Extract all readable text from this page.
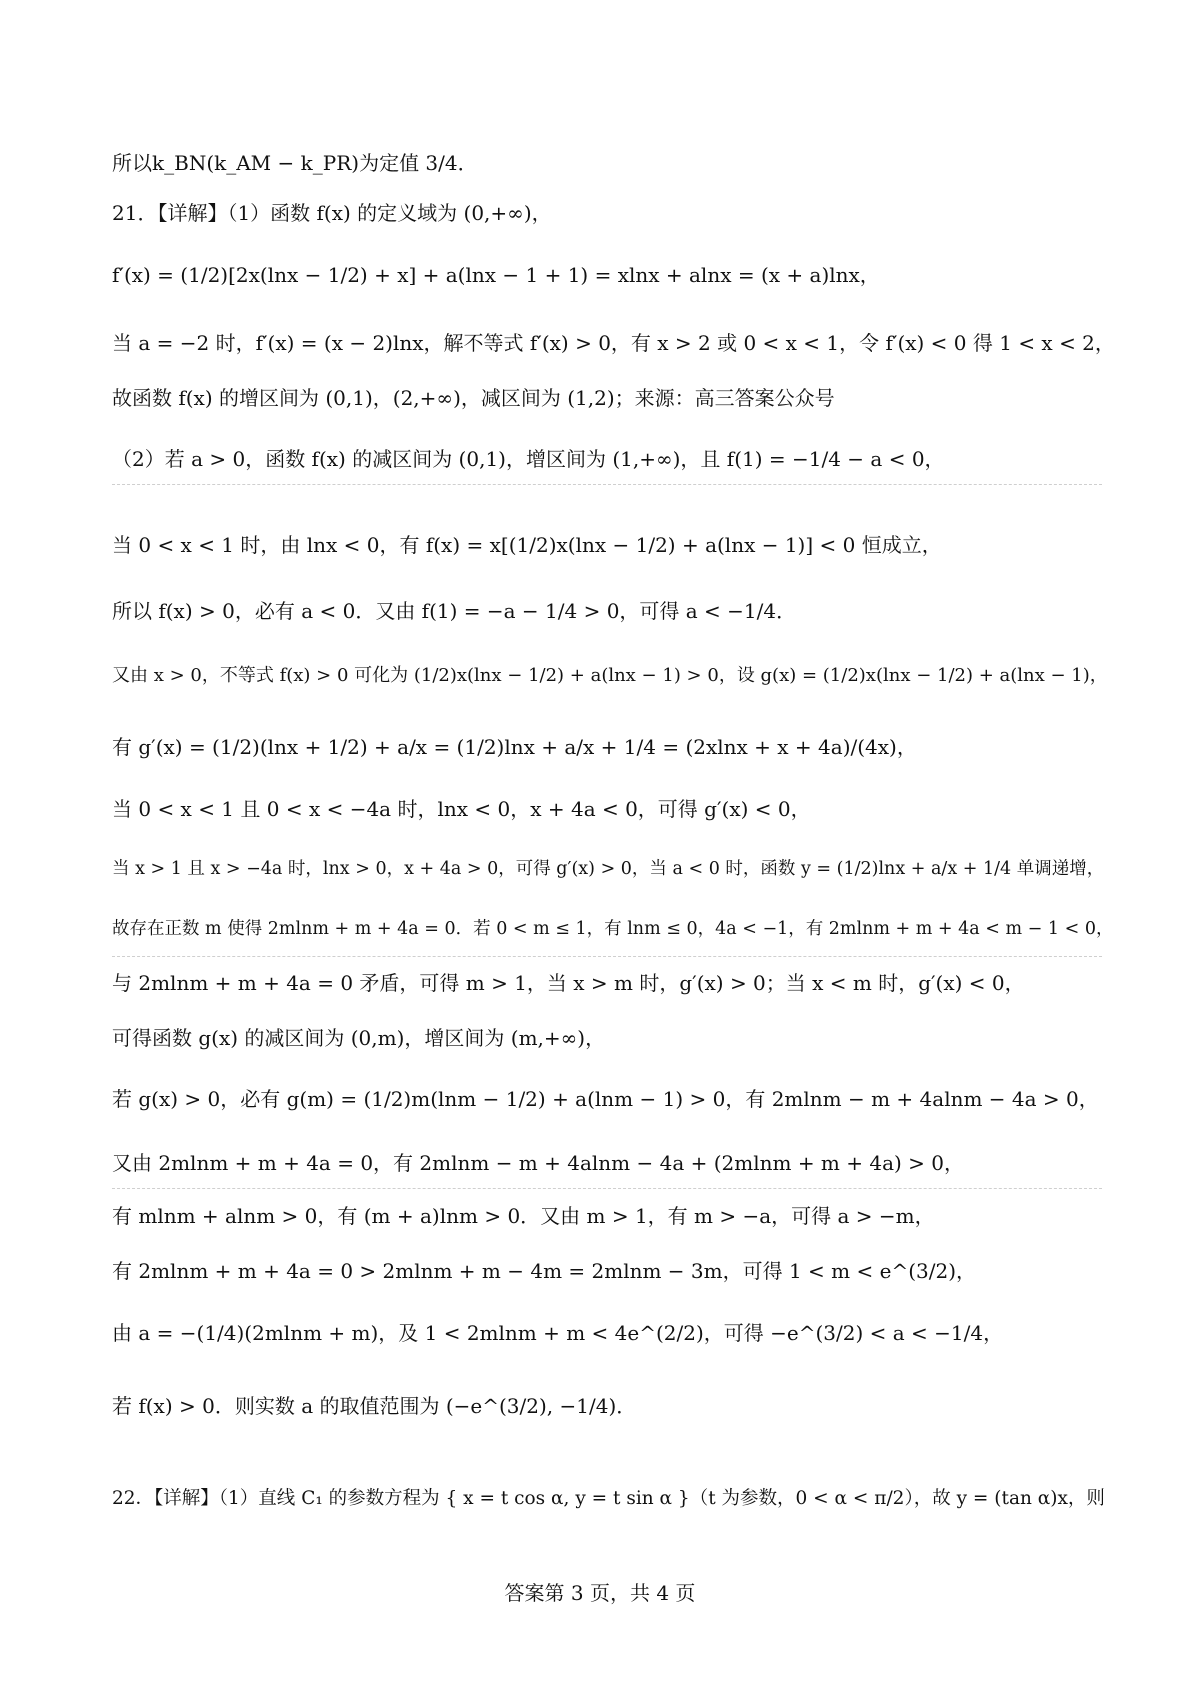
所以k_BN(k_AM − k_PR)为定值 3/4．
21．【详解】（1）函数 f(x) 的定义域为 (0,+∞)，
f′(x) = (1/2)[2x(lnx − 1/2) + x] + a(lnx − 1 + 1) = xlnx + alnx = (x + a)lnx，
当 a = −2 时，f′(x) = (x − 2)lnx，解不等式 f′(x) > 0，有 x > 2 或 0 < x < 1，令 f′(x) < 0 得 1 < x < 2，
故函数 f(x) 的增区间为 (0,1)，(2,+∞)，减区间为 (1,2)；来源：高三答案公众号
（2）若 a > 0，函数 f(x) 的减区间为 (0,1)，增区间为 (1,+∞)，且 f(1) = −1/4 − a < 0，
当 0 < x < 1 时，由 lnx < 0，有 f(x) = x[(1/2)x(lnx − 1/2) + a(lnx − 1)] < 0 恒成立，
所以 f(x) > 0，必有 a < 0．又由 f(1) = −a − 1/4 > 0，可得 a < −1/4．
又由 x > 0，不等式 f(x) > 0 可化为 (1/2)x(lnx − 1/2) + a(lnx − 1) > 0，设 g(x) = (1/2)x(lnx − 1/2) + a(lnx − 1)，
有 g′(x) = (1/2)(lnx + 1/2) + a/x = (1/2)lnx + a/x + 1/4 = (2xlnx + x + 4a)/(4x)，
当 0 < x < 1 且 0 < x < −4a 时，lnx < 0，x + 4a < 0，可得 g′(x) < 0，
当 x > 1 且 x > −4a 时，lnx > 0，x + 4a > 0，可得 g′(x) > 0，当 a < 0 时，函数 y = (1/2)lnx + a/x + 1/4 单调递增，
故存在正数 m 使得 2mlnm + m + 4a = 0．若 0 < m ≤ 1，有 lnm ≤ 0，4a < −1，有 2mlnm + m + 4a < m − 1 < 0，
与 2mlnm + m + 4a = 0 矛盾，可得 m > 1，当 x > m 时，g′(x) > 0；当 x < m 时，g′(x) < 0，
可得函数 g(x) 的减区间为 (0,m)，增区间为 (m,+∞)，
若 g(x) > 0，必有 g(m) = (1/2)m(lnm − 1/2) + a(lnm − 1) > 0，有 2mlnm − m + 4alnm − 4a > 0，
又由 2mlnm + m + 4a = 0，有 2mlnm − m + 4alnm − 4a + (2mlnm + m + 4a) > 0，
有 mlnm + alnm > 0，有 (m + a)lnm > 0．又由 m > 1，有 m > −a，可得 a > −m，
有 2mlnm + m + 4a = 0 > 2mlnm + m − 4m = 2mlnm − 3m，可得 1 < m < e^(3/2)，
由 a = −(1/4)(2mlnm + m)，及 1 < 2mlnm + m < 4e^(2/2)，可得 −e^(3/2) < a < −1/4，
若 f(x) > 0．则实数 a 的取值范围为 (−e^(3/2), −1/4)．
22．【详解】（1）直线 C₁ 的参数方程为 { x = t cos α, y = t sin α }（t 为参数，0 < α < π/2），故 y = (tan α)x，则
答案第 3 页，共 4 页
